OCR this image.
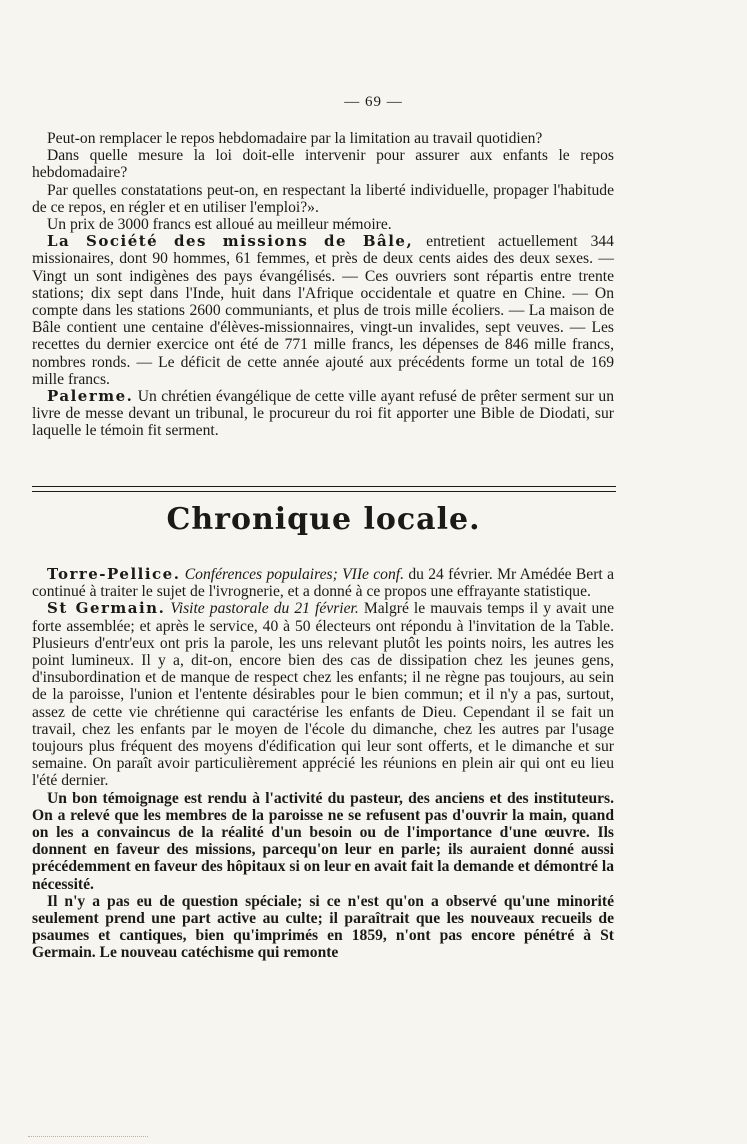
— 69 —

Peut-on remplacer le repos hebdomadaire par la limitation au travail quotidien?

Dans quelle mesure la loi doit-elle intervenir pour assurer aux enfants le repos hebdomadaire?

Par quelles constatations peut-on, en respectant la liberté individuelle, propager l'habitude de ce repos, en régler et en utiliser l'emploi?».

Un prix de 3000 francs est alloué au meilleur mémoire.

La Société des missions de Bâle, entretient actuellement 344 missionaires, dont 90 hommes, 61 femmes, et près de deux cents aides des deux sexes. — Vingt un sont indigènes des pays évangélisés. — Ces ouvriers sont répartis entre trente stations; dix sept dans l'Inde, huit dans l'Afrique occidentale et quatre en Chine. — On compte dans les stations 2600 communiants, et plus de trois mille écoliers. — La maison de Bâle contient une centaine d'élèves-missionnaires, vingt-un invalides, sept veuves. — Les recettes du dernier exercice ont été de 771 mille francs, les dépenses de 846 mille francs, nombres ronds. — Le déficit de cette année ajouté aux précédents forme un total de 169 mille francs.

Palerme. Un chrétien évangélique de cette ville ayant refusé de prêter serment sur un livre de messe devant un tribunal, le procureur du roi fit apporter une Bible de Diodati, sur laquelle le témoin fit serment.

Chronique locale.

Torre-Pellice. Conférences populaires; VIIe conf. du 24 février. Mr Amédée Bert a continué à traiter le sujet de l'ivrognerie, et a donné à ce propos une effrayante statistique.

St Germain. Visite pastorale du 21 février. Malgré le mauvais temps il y avait une forte assemblée; et après le service, 40 à 50 électeurs ont répondu à l'invitation de la Table. Plusieurs d'entr'eux ont pris la parole, les uns relevant plutôt les points noirs, les autres les point lumineux. Il y a, dit-on, encore bien des cas de dissipation chez les jeunes gens, d'insubordination et de manque de respect chez les enfants; il ne règne pas toujours, au sein de la paroisse, l'union et l'entente désirables pour le bien commun; et il n'y a pas, surtout, assez de cette vie chrétienne qui caractérise les enfants de Dieu. Cependant il se fait un travail, chez les enfants par le moyen de l'école du dimanche, chez les autres par l'usage toujours plus fréquent des moyens d'édification qui leur sont offerts, et le dimanche et sur semaine. On paraît avoir particulièrement apprécié les réunions en plein air qui ont eu lieu l'été dernier.

Un bon témoignage est rendu à l'activité du pasteur, des anciens et des instituteurs. On a relevé que les membres de la paroisse ne se refusent pas d'ouvrir la main, quand on les a convaincus de la réalité d'un besoin ou de l'importance d'une œuvre. Ils donnent en faveur des missions, parcequ'on leur en parle; ils auraient donné aussi précédemment en faveur des hôpitaux si on leur en avait fait la demande et démontré la nécessité.

Il n'y a pas eu de question spéciale; si ce n'est qu'on a observé qu'une minorité seulement prend une part active au culte; il paraîtrait que les nouveaux recueils de psaumes et cantiques, bien qu'imprimés en 1859, n'ont pas encore pénétré à St Germain. Le nouveau catéchisme qui remonte
